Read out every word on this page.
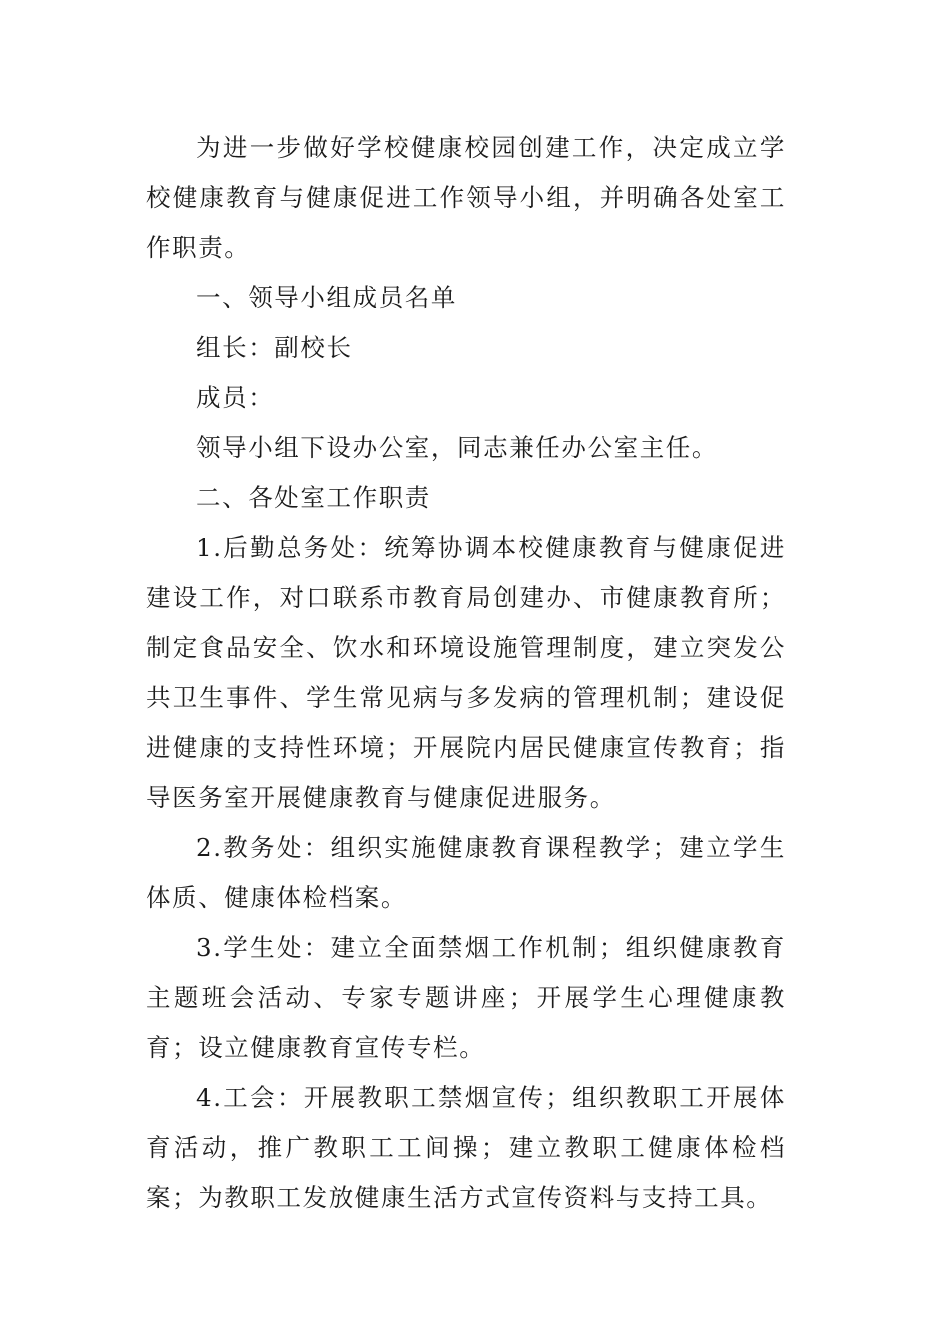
为进一步做好学校健康校园创建工作，决定成立学校健康教育与健康促进工作领导小组，并明确各处室工作职责。

一、领导小组成员名单

组长：副校长

成员：

领导小组下设办公室，同志兼任办公室主任。

二、各处室工作职责

1.后勤总务处：统筹协调本校健康教育与健康促进建设工作，对口联系市教育局创建办、市健康教育所；制定食品安全、饮水和环境设施管理制度，建立突发公共卫生事件、学生常见病与多发病的管理机制；建设促进健康的支持性环境；开展院内居民健康宣传教育；指导医务室开展健康教育与健康促进服务。

2.教务处：组织实施健康教育课程教学；建立学生体质、健康体检档案。

3.学生处：建立全面禁烟工作机制；组织健康教育主题班会活动、专家专题讲座；开展学生心理健康教育；设立健康教育宣传专栏。

4.工会：开展教职工禁烟宣传；组织教职工开展体育活动，推广教职工工间操；建立教职工健康体检档案；为教职工发放健康生活方式宣传资料与支持工具。
